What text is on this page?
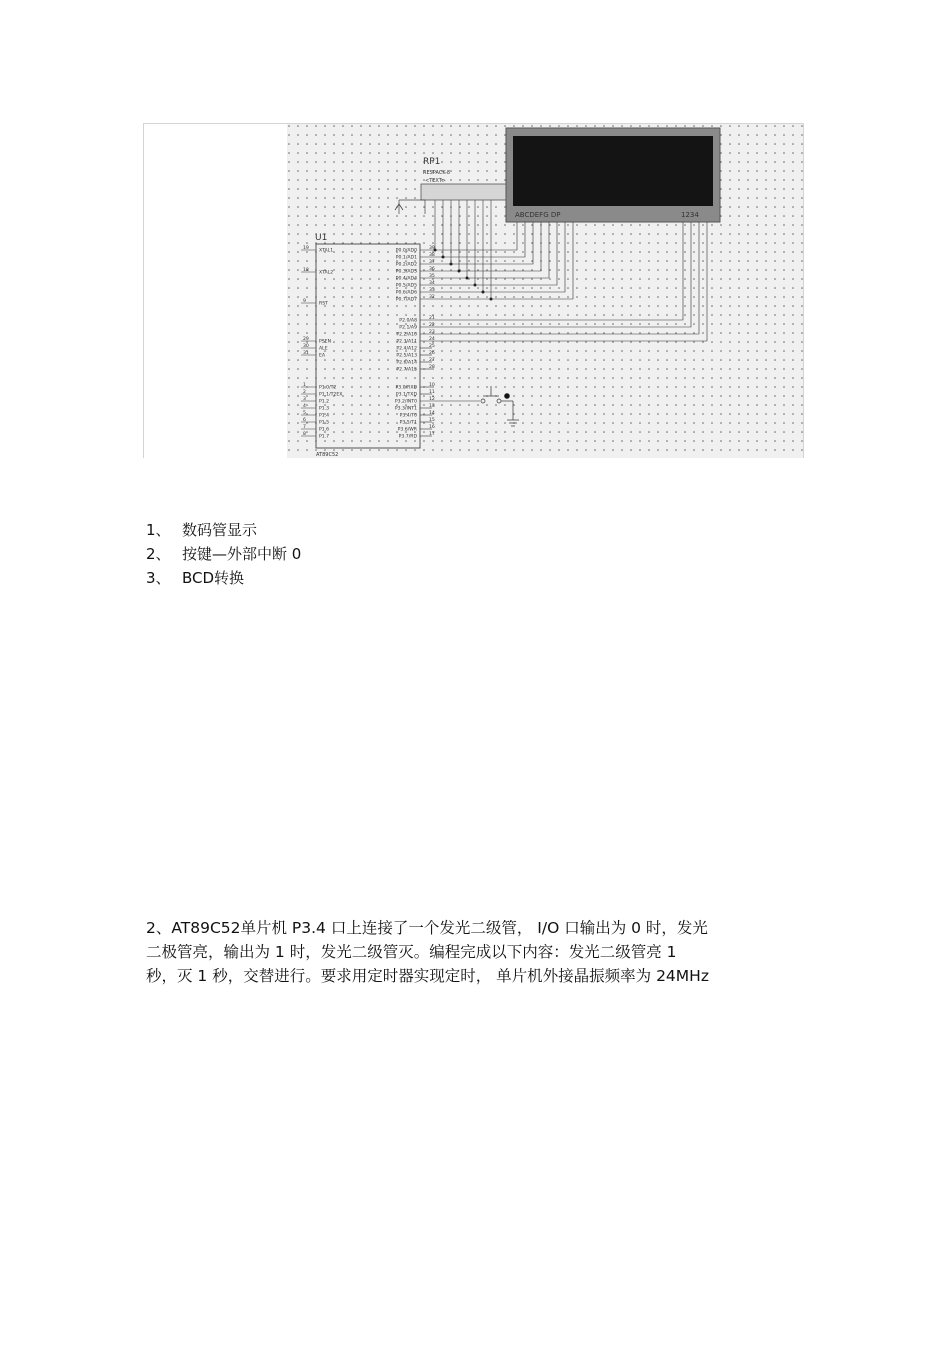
RP1
RESPACK-8
<TEXT>
ABCDEFG DP	1234
U1
AT89C52
19 XTAL1
18 XTAL2
9	RST
29 PSEN
30 ALE
31 EA
1	P1.0/T2
2	P1.1/T2EX
3	P1.2
4	P1.3
5	P1.4
6	P1.5
7	P1.6
8	P1.7
P0.0/AD0	39
P0.1/AD1	38
P0.2/AD2	37
P0.3/AD3	36
P0.4/AD4	35
P0.5/AD5	34
P0.6/AD6	33
P0.7/AD7	32
P2.0/A8	21
P2.1/A9	22
P2.2/A10	23
P2.3/A11	24
P2.4/A12	25
P2.5/A13	26
P2.6/A14	27
P2.7/A15	28
P3.0/RXD	10
P3.1/TXD	11
P3.2/INT0	12
P3.3/INT1	13
P3.4/T0	14
P3.5/T1	15
P3.6/WR	16
P3.7/RD	17
1、 数码管显示
2、 按键—外部中断 0
3、 BCD转换
2、AT89C52单片机 P3.4 口上连接了一个发光二级管， I/O 口输出为 0 时，发光
二极管亮，输出为 1 时，发光二级管灭。编程完成以下内容：发光二级管亮 1
秒，灭 1 秒，交替进行。要求用定时器实现定时， 单片机外接晶振频率为 24MHz
